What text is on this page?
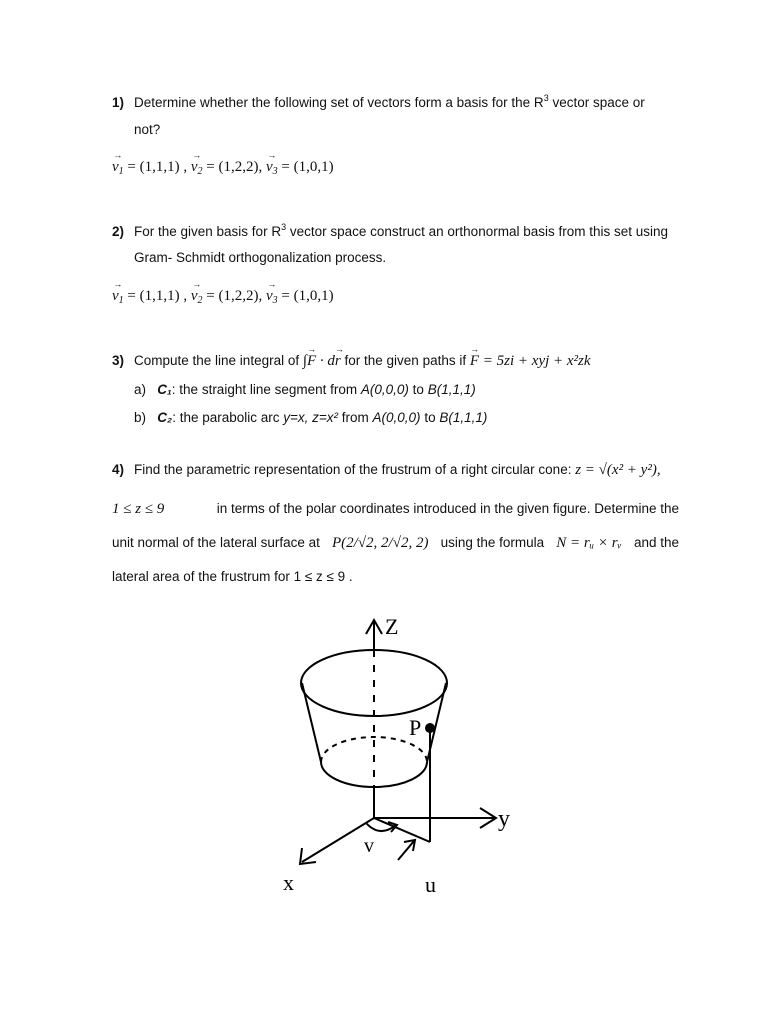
1) Determine whether the following set of vectors form a basis for the $R^3$ vector space or
not?
→ $v_1 = (1,1,1)$ , → $v_2 = (1,2,2)$, → $v_3 = (1,0,1)$
2) For the given basis for $R^3$ vector space construct an orthonormal basis from this set using
Gram- Schmidt orthogonalization process.
→ $v_1 = (1,1,1)$ , → $v_2 = (1,2,2)$, → $v_3 = (1,0,1)$
3) Compute the line integral of ∫→ F · d→ r for the given paths if → F = 5zi + xyj + x²zk
a) C₁: the straight line segment from A(0,0,0) to B(1,1,1)
b) C₂: the parabolic arc y=x, z=x² from A(0,0,0) to B(1,1,1)
4) Find the parametric representation of the frustrum of a right circular cone: z = √(x² + y²),
1 ≤ z ≤ 9	in terms of the polar coordinates introduced in the given figure. Determine the
unit normal of the lateral surface at P(2/√2, 2/√2, 2) using the formula N = rᵤ × rᵥ and the
lateral area of the frustrum for 1 ≤ z ≤ 9 .
Z
y
x
P
v
u
